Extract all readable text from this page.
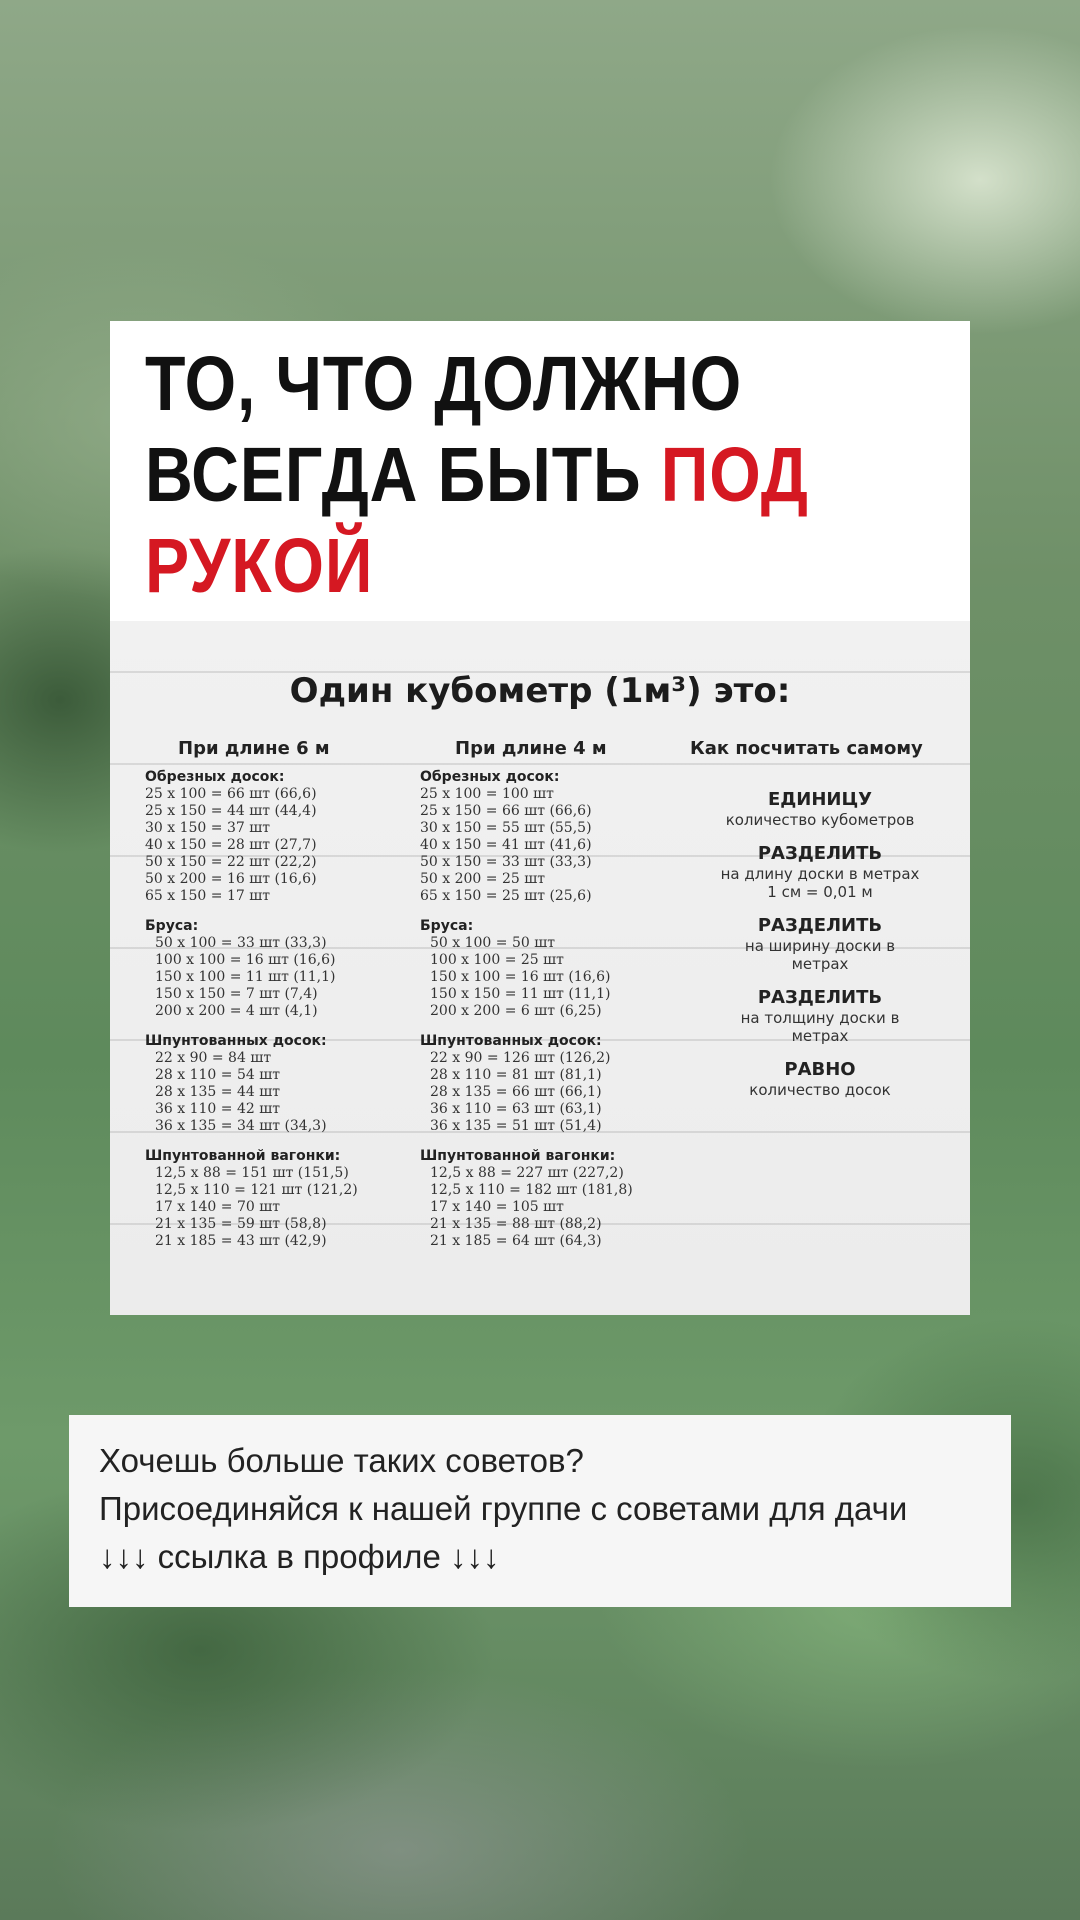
ТО, ЧТО ДОЛЖНО
ВСЕГДА БЫТЬ ПОД
РУКОЙ
Один кубометр (1м³) это:
При длине 6 м	При длине 4 м	Как посчитать самому
Обрезных досок:
25 x 100 = 66 шт (66,6)
25 x 150 = 44 шт (44,4)
30 x 150 = 37 шт
40 x 150 = 28 шт (27,7)
50 x 150 = 22 шт (22,2)
50 x 200 = 16 шт (16,6)
65 x 150 = 17 шт
Бруса:
50 x 100 = 33 шт (33,3)
100 x 100 = 16 шт (16,6)
150 x 100 = 11 шт (11,1)
150 x 150 = 7 шт (7,4)
200 x 200 = 4 шт (4,1)
Шпунтованных досок:
22 x 90 = 84 шт
28 x 110 = 54 шт
28 x 135 = 44 шт
36 x 110 = 42 шт
36 x 135 = 34 шт (34,3)
Шпунтованной вагонки:
12,5 x 88 = 151 шт (151,5)
12,5 x 110 = 121 шт (121,2)
17 x 140 = 70 шт
21 x 135 = 59 шт (58,8)
21 x 185 = 43 шт (42,9)
Обрезных досок:
25 x 100 = 100 шт
25 x 150 = 66 шт (66,6)
30 x 150 = 55 шт (55,5)
40 x 150 = 41 шт (41,6)
50 x 150 = 33 шт (33,3)
50 x 200 = 25 шт
65 x 150 = 25 шт (25,6)
Бруса:
50 x 100 = 50 шт
100 x 100 = 25 шт
150 x 100 = 16 шт (16,6)
150 x 150 = 11 шт (11,1)
200 x 200 = 6 шт (6,25)
Шпунтованных досок:
22 x 90 = 126 шт (126,2)
28 x 110 = 81 шт (81,1)
28 x 135 = 66 шт (66,1)
36 x 110 = 63 шт (63,1)
36 x 135 = 51 шт (51,4)
Шпунтованной вагонки:
12,5 x 88 = 227 шт (227,2)
12,5 x 110 = 182 шт (181,8)
17 x 140 = 105 шт
21 x 135 = 88 шт (88,2)
21 x 185 = 64 шт (64,3)
ЕДИНИЦУ
количество кубометров
РАЗДЕЛИТЬ
на длину доски в метрах
1 см = 0,01 м
РАЗДЕЛИТЬ
на ширину доски в
метрах
РАЗДЕЛИТЬ
на толщину доски в
метрах
РАВНО
количество досок
Хочешь больше таких советов?
Присоединяйся к нашей группе с советами для дачи
↓↓↓ ссылка в профиле ↓↓↓
